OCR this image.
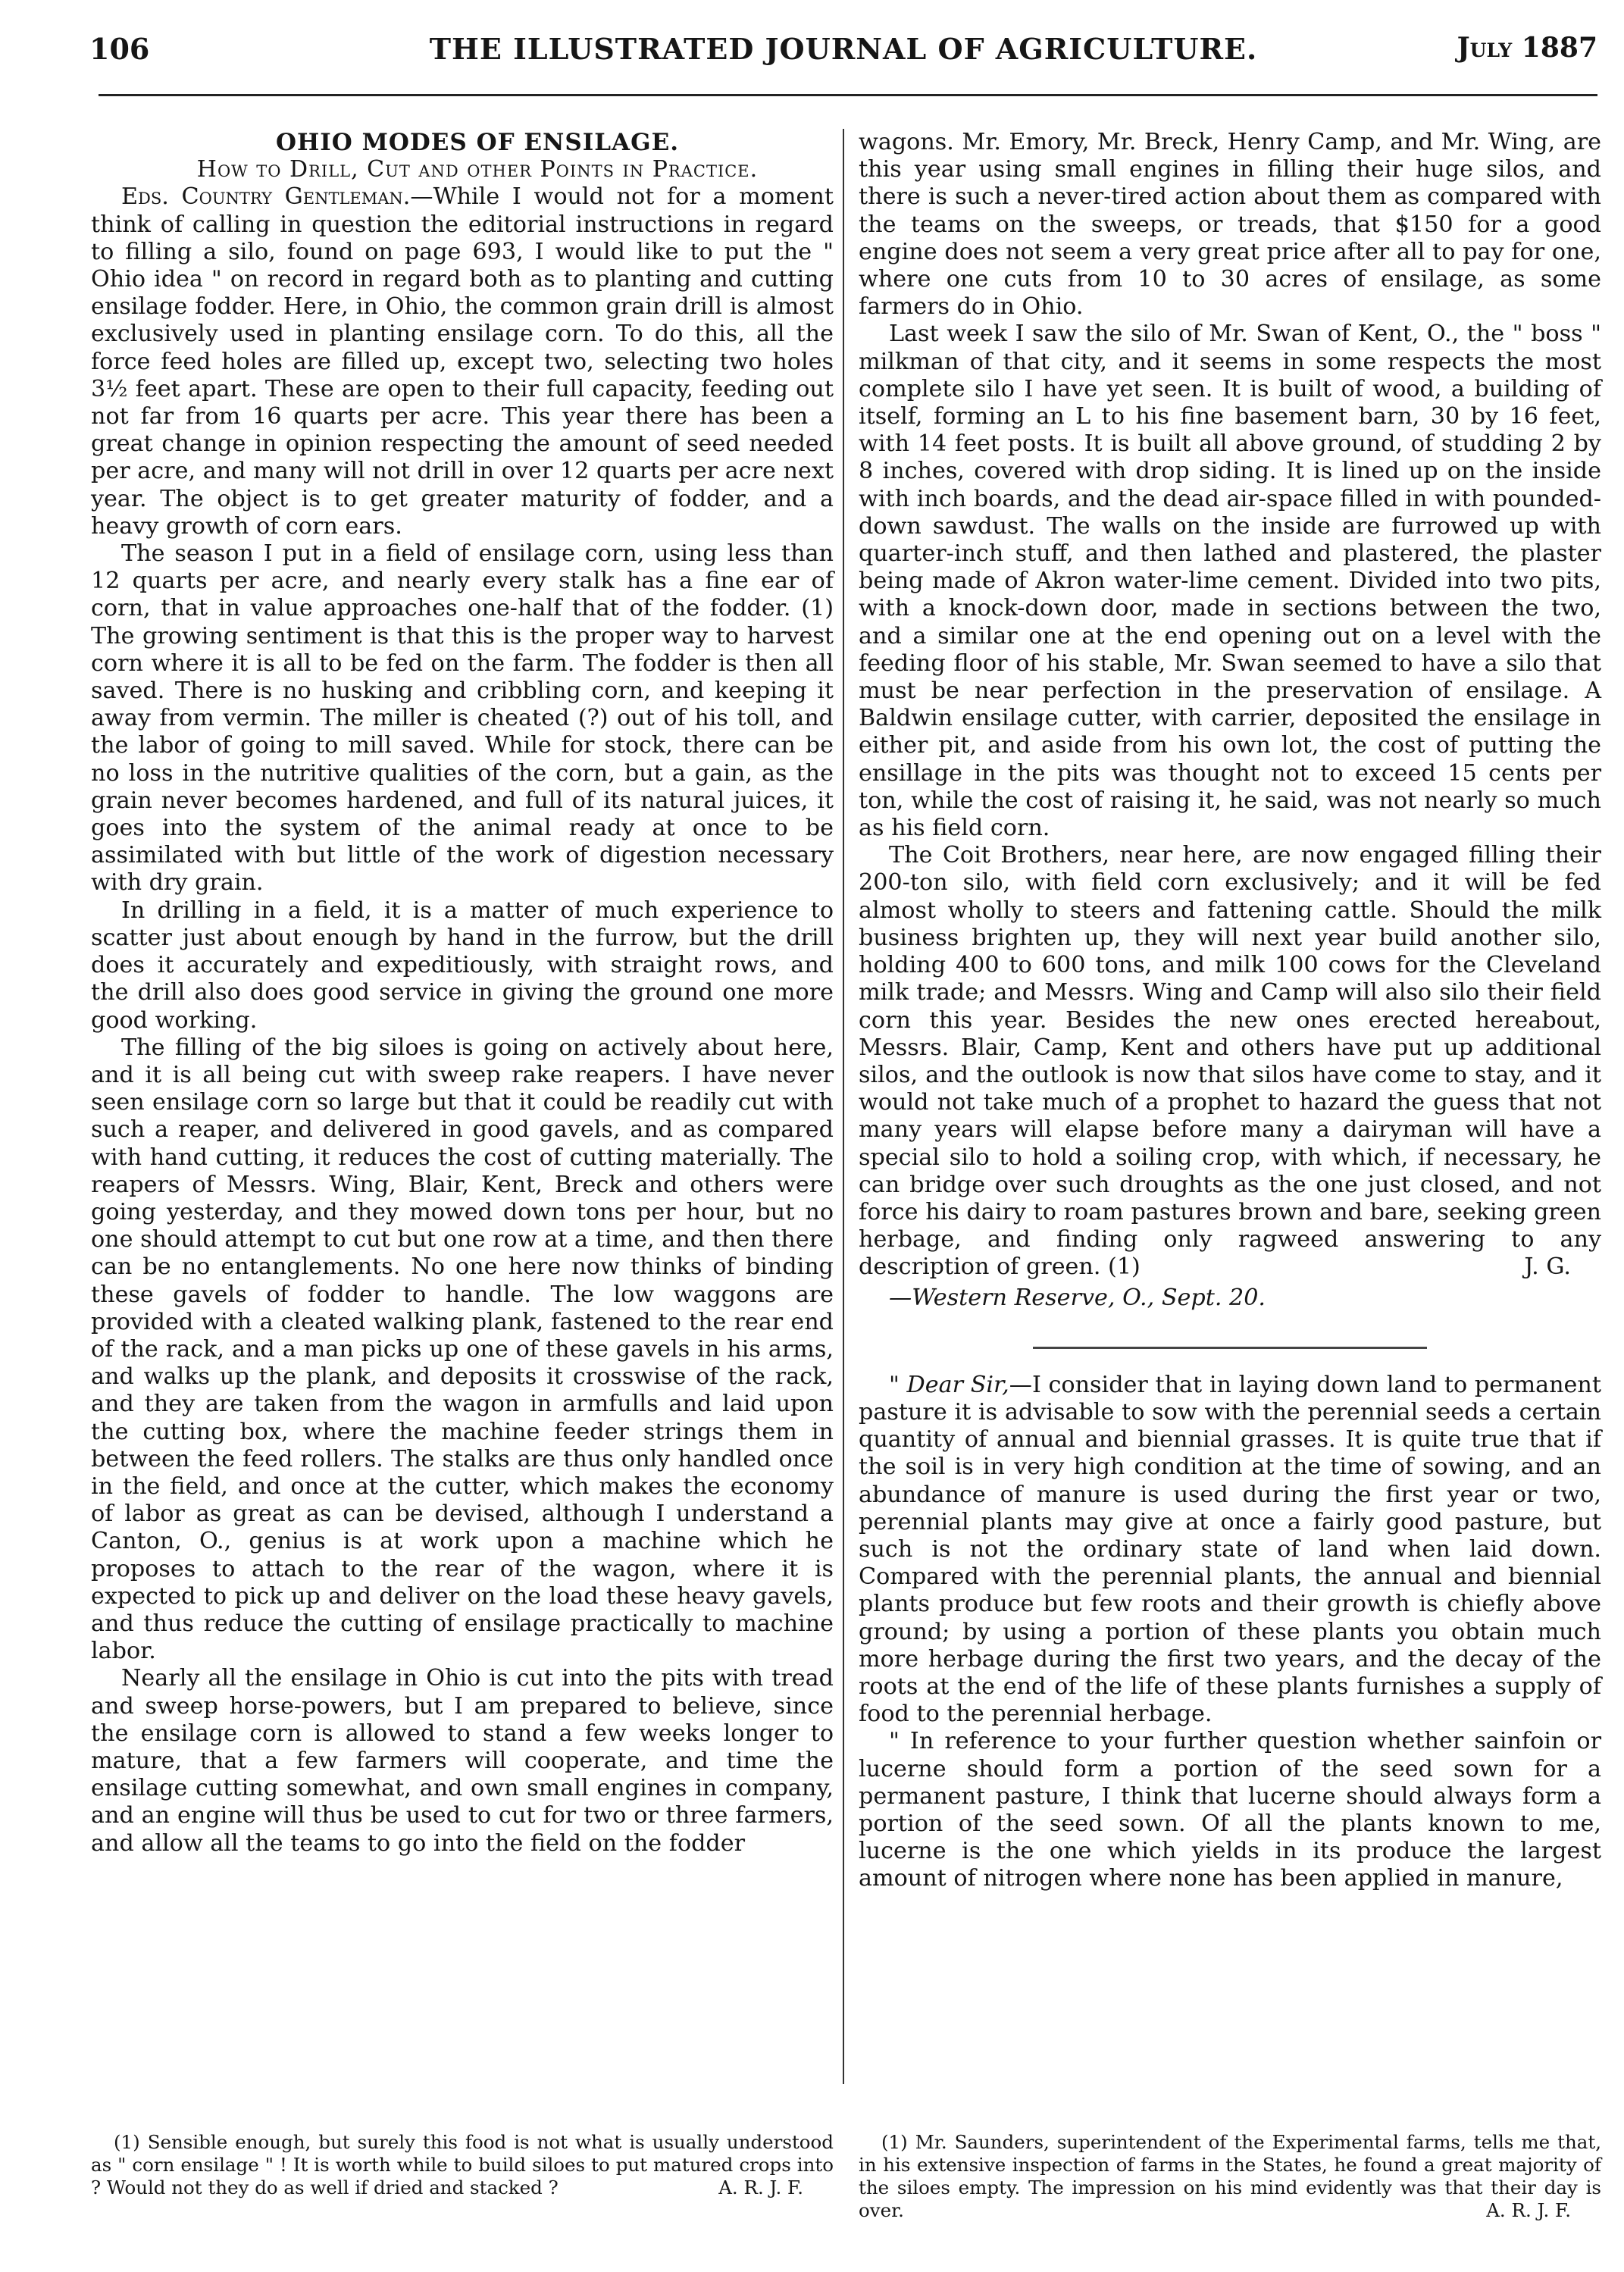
106	THE ILLUSTRATED JOURNAL OF AGRICULTURE.	July 1887

OHIO MODES OF ENSILAGE.

How to Drill, Cut and other Points in Practice.

Eds. Country Gentleman.—While I would not for a moment think of calling in question the editorial instructions in regard to filling a silo, found on page 693, I would like to put the " Ohio idea " on record in regard both as to planting and cutting ensilage fodder. Here, in Ohio, the common grain drill is almost exclusively used in planting ensilage corn. To do this, all the force feed holes are filled up, except two, selecting two holes 3½ feet apart. These are open to their full capacity, feeding out not far from 16 quarts per acre. This year there has been a great change in opinion respecting the amount of seed needed per acre, and many will not drill in over 12 quarts per acre next year. The object is to get greater maturity of fodder, and a heavy growth of corn ears.

The season I put in a field of ensilage corn, using less than 12 quarts per acre, and nearly every stalk has a fine ear of corn, that in value approaches one-half that of the fodder. (1) The growing sentiment is that this is the proper way to harvest corn where it is all to be fed on the farm. The fodder is then all saved. There is no husking and cribbling corn, and keeping it away from vermin. The miller is cheated (?) out of his toll, and the labor of going to mill saved. While for stock, there can be no loss in the nutritive qualities of the corn, but a gain, as the grain never becomes hardened, and full of its natural juices, it goes into the system of the animal ready at once to be assimilated with but little of the work of digestion necessary with dry grain.

In drilling in a field, it is a matter of much experience to scatter just about enough by hand in the furrow, but the drill does it accurately and expeditiously, with straight rows, and the drill also does good service in giving the ground one more good working.

The filling of the big siloes is going on actively about here, and it is all being cut with sweep rake reapers. I have never seen ensilage corn so large but that it could be readily cut with such a reaper, and delivered in good gavels, and as compared with hand cutting, it reduces the cost of cutting materially. The reapers of Messrs. Wing, Blair, Kent, Breck and others were going yesterday, and they mowed down tons per hour, but no one should attempt to cut but one row at a time, and then there can be no entanglements. No one here now thinks of binding these gavels of fodder to handle. The low waggons are provided with a cleated walking plank, fastened to the rear end of the rack, and a man picks up one of these gavels in his arms, and walks up the plank, and deposits it crosswise of the rack, and they are taken from the wagon in armfulls and laid upon the cutting box, where the machine feeder strings them in between the feed rollers. The stalks are thus only handled once in the field, and once at the cutter, which makes the economy of labor as great as can be devised, although I understand a Canton, O., genius is at work upon a machine which he proposes to attach to the rear of the wagon, where it is expected to pick up and deliver on the load these heavy gavels, and thus reduce the cutting of ensilage practically to machine labor.

Nearly all the ensilage in Ohio is cut into the pits with tread and sweep horse-powers, but I am prepared to believe, since the ensilage corn is allowed to stand a few weeks longer to mature, that a few farmers will cooperate, and time the ensilage cutting somewhat, and own small engines in company, and an engine will thus be used to cut for two or three farmers, and allow all the teams to go into the field on the fodder

wagons. Mr. Emory, Mr. Breck, Henry Camp, and Mr. Wing, are this year using small engines in filling their huge silos, and there is such a never-tired action about them as compared with the teams on the sweeps, or treads, that $150 for a good engine does not seem a very great price after all to pay for one, where one cuts from 10 to 30 acres of ensilage, as some farmers do in Ohio.

Last week I saw the silo of Mr. Swan of Kent, O., the " boss " milkman of that city, and it seems in some respects the most complete silo I have yet seen. It is built of wood, a building of itself, forming an L to his fine basement barn, 30 by 16 feet, with 14 feet posts. It is built all above ground, of studding 2 by 8 inches, covered with drop siding. It is lined up on the inside with inch boards, and the dead air-space filled in with pounded-down sawdust. The walls on the inside are furrowed up with quarter-inch stuff, and then lathed and plastered, the plaster being made of Akron water-lime cement. Divided into two pits, with a knock-down door, made in sections between the two, and a similar one at the end opening out on a level with the feeding floor of his stable, Mr. Swan seemed to have a silo that must be near perfection in the preservation of ensilage. A Baldwin ensilage cutter, with carrier, deposited the ensilage in either pit, and aside from his own lot, the cost of putting the ensillage in the pits was thought not to exceed 15 cents per ton, while the cost of raising it, he said, was not nearly so much as his field corn.

The Coit Brothers, near here, are now engaged filling their 200-ton silo, with field corn exclusively; and it will be fed almost wholly to steers and fattening cattle. Should the milk business brighten up, they will next year build another silo, holding 400 to 600 tons, and milk 100 cows for the Cleveland milk trade; and Messrs. Wing and Camp will also silo their field corn this year. Besides the new ones erected hereabout, Messrs. Blair, Camp, Kent and others have put up additional silos, and the outlook is now that silos have come to stay, and it would not take much of a prophet to hazard the guess that not many years will elapse before many a dairyman will have a special silo to hold a soiling crop, with which, if necessary, he can bridge over such droughts as the one just closed, and not force his dairy to roam pastures brown and bare, seeking green herbage, and finding only ragweed answering to any description of green. (1)	J. G.

—Western Reserve, O., Sept. 20.

" Dear Sir,—I consider that in laying down land to permanent pasture it is advisable to sow with the perennial seeds a certain quantity of annual and biennial grasses. It is quite true that if the soil is in very high condition at the time of sowing, and an abundance of manure is used during the first year or two, perennial plants may give at once a fairly good pasture, but such is not the ordinary state of land when laid down. Compared with the perennial plants, the annual and biennial plants produce but few roots and their growth is chiefly above ground; by using a portion of these plants you obtain much more herbage during the first two years, and the decay of the roots at the end of the life of these plants furnishes a supply of food to the perennial herbage.

" In reference to your further question whether sainfoin or lucerne should form a portion of the seed sown for a permanent pasture, I think that lucerne should always form a portion of the seed sown. Of all the plants known to me, lucerne is the one which yields in its produce the largest amount of nitrogen where none has been applied in manure,

(1) Sensible enough, but surely this food is not what is usually understood as " corn ensilage " ! It is worth while to build siloes to put matured crops into ? Would not they do as well if dried and stacked ?	A. R. J. F.

(1) Mr. Saunders, superintendent of the Experimental farms, tells me that, in his extensive inspection of farms in the States, he found a great majority of the siloes empty. The impression on his mind evidently was that their day is over.	A. R. J. F.
